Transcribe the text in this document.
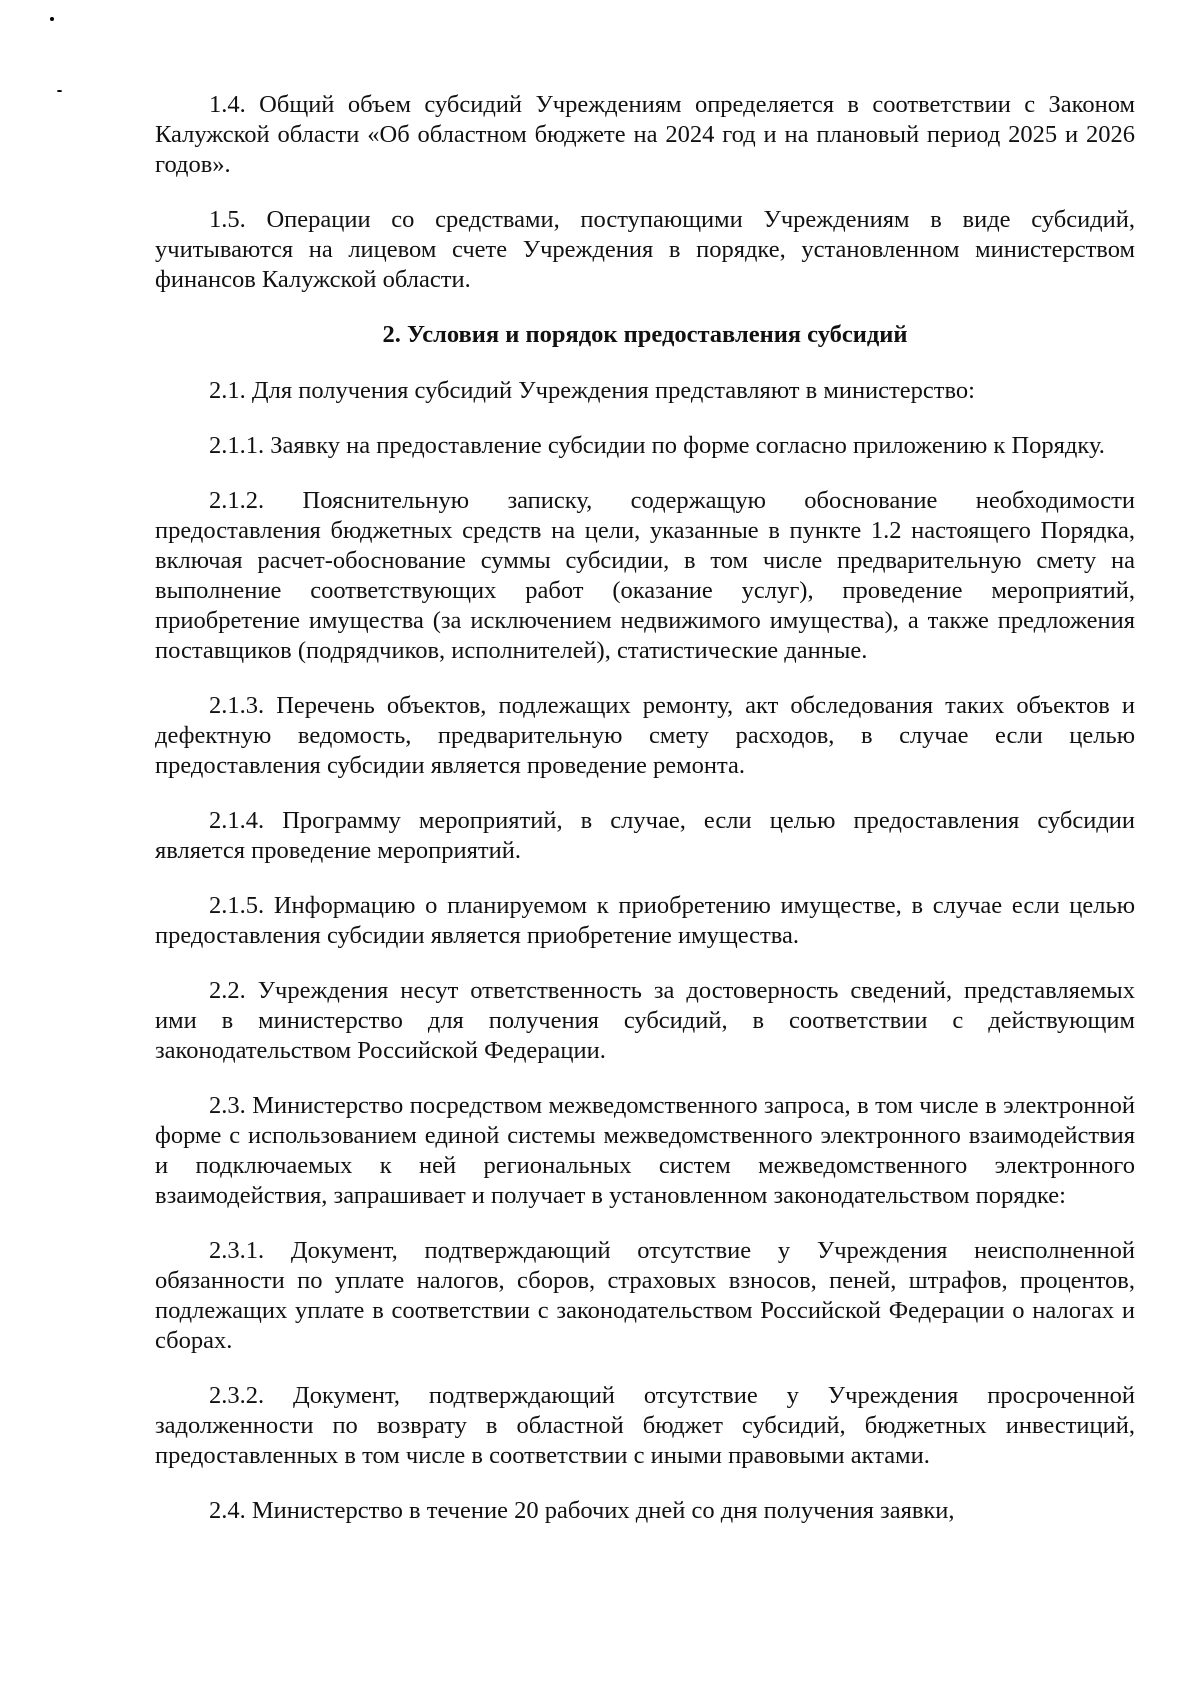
1.4. Общий объем субсидий Учреждениям определяется в соответствии с Законом Калужской области «Об областном бюджете на 2024 год и на плановый период 2025 и 2026 годов».

1.5. Операции со средствами, поступающими Учреждениям в виде субсидий, учитываются на лицевом счете Учреждения в порядке, установленном министерством финансов Калужской области.

2. Условия и порядок предоставления субсидий

2.1. Для получения субсидий Учреждения представляют в министерство:

2.1.1. Заявку на предоставление субсидии по форме согласно приложению к Порядку.

2.1.2. Пояснительную записку, содержащую обоснование необходимости предоставления бюджетных средств на цели, указанные в пункте 1.2 настоящего Порядка, включая расчет-обоснование суммы субсидии, в том числе предварительную смету на выполнение соответствующих работ (оказание услуг), проведение мероприятий, приобретение имущества (за исключением недвижимого имущества), а также предложения поставщиков (подрядчиков, исполнителей), статистические данные.

2.1.3. Перечень объектов, подлежащих ремонту, акт обследования таких объектов и дефектную ведомость, предварительную смету расходов, в случае если целью предоставления субсидии является проведение ремонта.

2.1.4. Программу мероприятий, в случае, если целью предоставления субсидии является проведение мероприятий.

2.1.5. Информацию о планируемом к приобретению имуществе, в случае если целью предоставления субсидии является приобретение имущества.

2.2. Учреждения несут ответственность за достоверность сведений, представляемых ими в министерство для получения субсидий, в соответствии с действующим законодательством Российской Федерации.

2.3. Министерство посредством межведомственного запроса, в том числе в электронной форме с использованием единой системы межведомственного электронного взаимодействия и подключаемых к ней региональных систем межведомственного электронного взаимодействия, запрашивает и получает в установленном законодательством порядке:

2.3.1. Документ, подтверждающий отсутствие у Учреждения неисполненной обязанности по уплате налогов, сборов, страховых взносов, пеней, штрафов, процентов, подлежащих уплате в соответствии с законодательством Российской Федерации о налогах и сборах.

2.3.2. Документ, подтверждающий отсутствие у Учреждения просроченной задолженности по возврату в областной бюджет субсидий, бюджетных инвестиций, предоставленных в том числе в соответствии с иными правовыми актами.

2.4. Министерство в течение 20 рабочих дней со дня получения заявки,
